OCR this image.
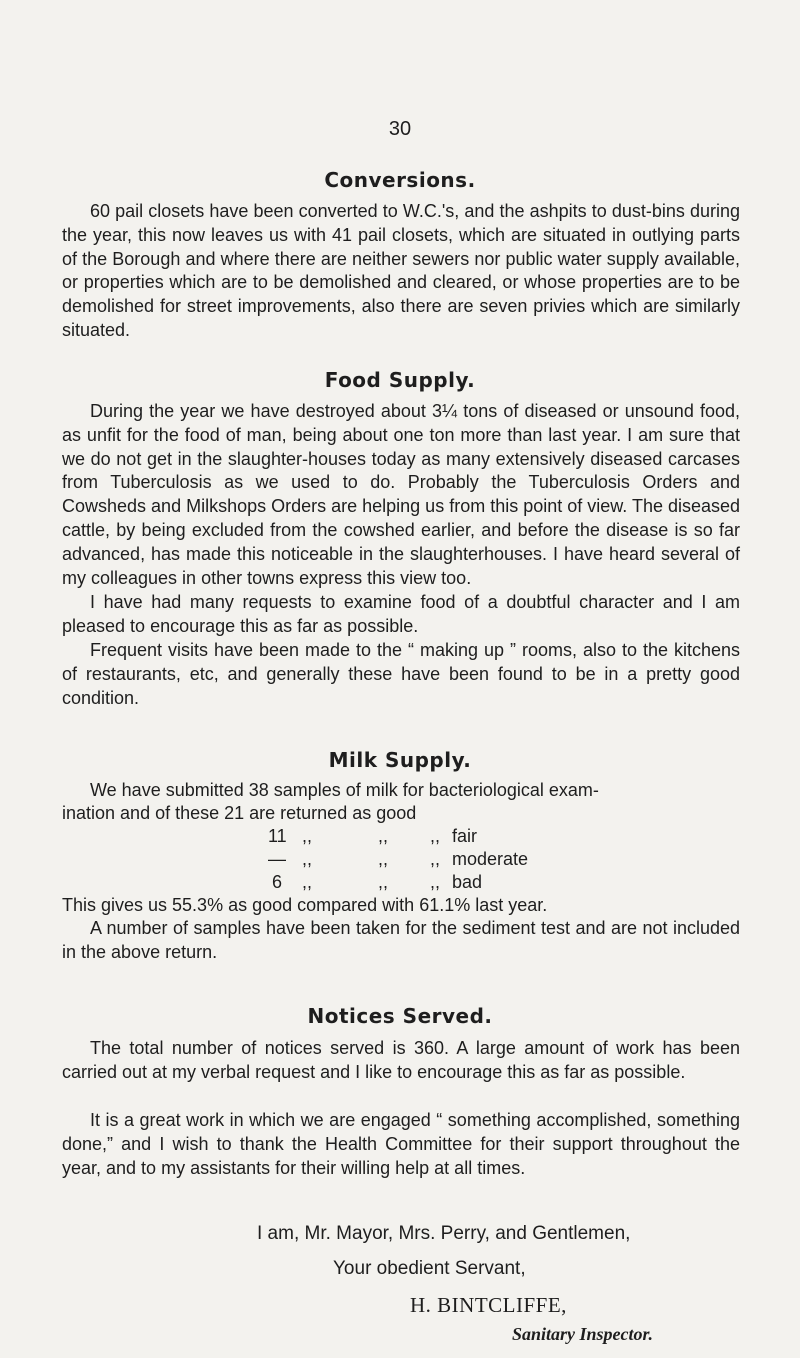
30
Conversions.

60 pail closets have been converted to W.C.'s, and the ashpits to dust-bins during the year, this now leaves us with 41 pail closets, which are situated in outlying parts of the Borough and where there are neither sewers nor public water supply available, or properties which are to be demolished and cleared, or whose properties are to be demolished for street improvements, also there are seven privies which are similarly situated.

Food Supply.

During the year we have destroyed about 3¼ tons of diseased or unsound food, as unfit for the food of man, being about one ton more than last year. I am sure that we do not get in the slaughter-houses today as many extensively diseased carcases from Tuberculosis as we used to do. Probably the Tuberculosis Orders and Cowsheds and Milkshops Orders are helping us from this point of view. The diseased cattle, by being excluded from the cowshed earlier, and before the disease is so far advanced, has made this noticeable in the slaughterhouses. I have heard several of my colleagues in other towns express this view too.

I have had many requests to examine food of a doubtful character and I am pleased to encourage this as far as possible.

Frequent visits have been made to the “ making up ” rooms, also to the kitchens of restaurants, etc, and generally these have been found to be in a pretty good condition.

Milk Supply.
We have submitted 38 samples of milk for bacteriological exam-
ination and of these 21 are returned as good
11 ,,	,, ,, fair
— ,,	,, ,, moderate
6 ,,	,, ,, bad
This gives us 55.3% as good compared with 61.1% last year.

A number of samples have been taken for the sediment test and are not included in the above return.

Notices Served.

The total number of notices served is 360. A large amount of work has been carried out at my verbal request and I like to encourage this as far as possible.

It is a great work in which we are engaged “ something accomplished, something done,” and I wish to thank the Health Committee for their support throughout the year, and to my assistants for their willing help at all times.

I am, Mr. Mayor, Mrs. Perry, and Gentlemen,
Your obedient Servant,
H. BINTCLIFFE,
Sanitary Inspector.
